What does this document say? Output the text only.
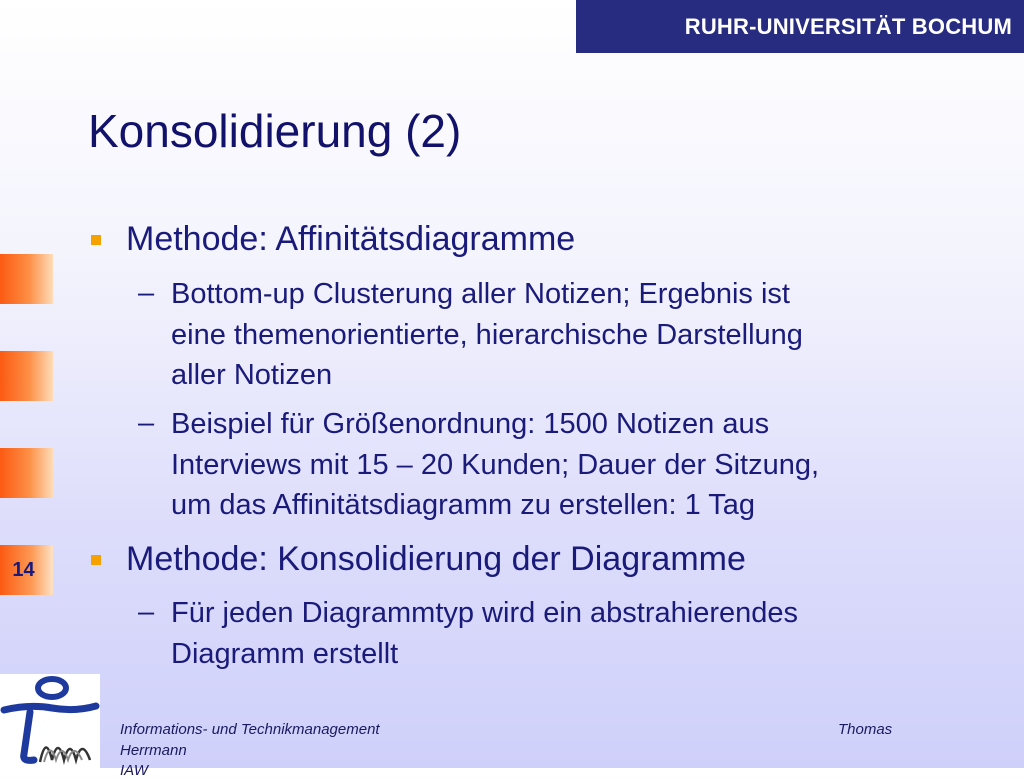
RUHR-UNIVERSITÄT BOCHUM
Konsolidierung (2)
14
Methode: Affinitätsdiagramme
– Bottom-up Clusterung aller Notizen; Ergebnis ist
eine themenorientierte, hierarchische Darstellung
aller Notizen
– Beispiel für Größenordnung: 1500 Notizen aus
Interviews mit 15 – 20 Kunden; Dauer der Sitzung,
um das Affinitätsdiagramm zu erstellen: 1 Tag
Methode: Konsolidierung der Diagramme
– Für jeden Diagrammtyp wird ein abstrahierendes
Diagramm erstellt
Informations- und Technikmanagement	Thomas
Herrmann
IAW
